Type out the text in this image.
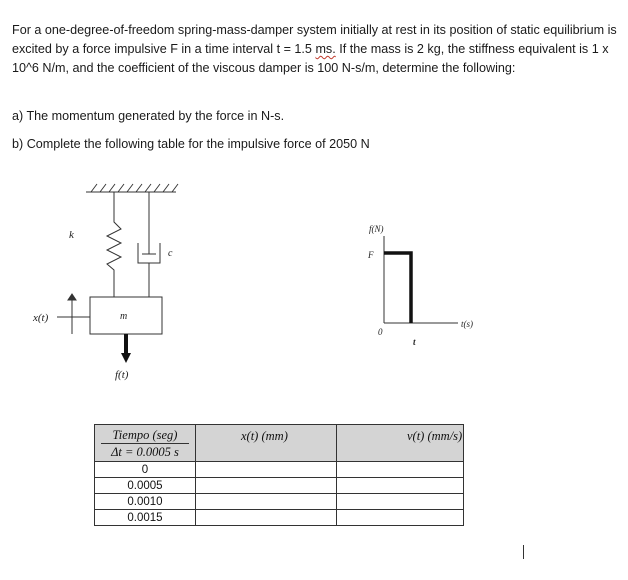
For a one-degree-of-freedom spring-mass-damper system initially at rest in its position of static equilibrium is excited by a force impulsive F in a time interval t = 1.5 ms. If the mass is 2 kg, the stiffness equivalent is 1 x 10^6 N/m, and the coefficient of the viscous damper is 100 N-s/m, determine the following:
a) The momentum generated by the force in N-s.
b) Complete the following table for the impulsive force of 2050 N
k
c
m
x(t)
f(t)
f(N)
F
0
t
t(s)
Tiempo (seg)
Δt = 0.0005 s	x(t) (mm)	v(t) (mm/s)
0		
0.0005		
0.0010		
0.0015		
